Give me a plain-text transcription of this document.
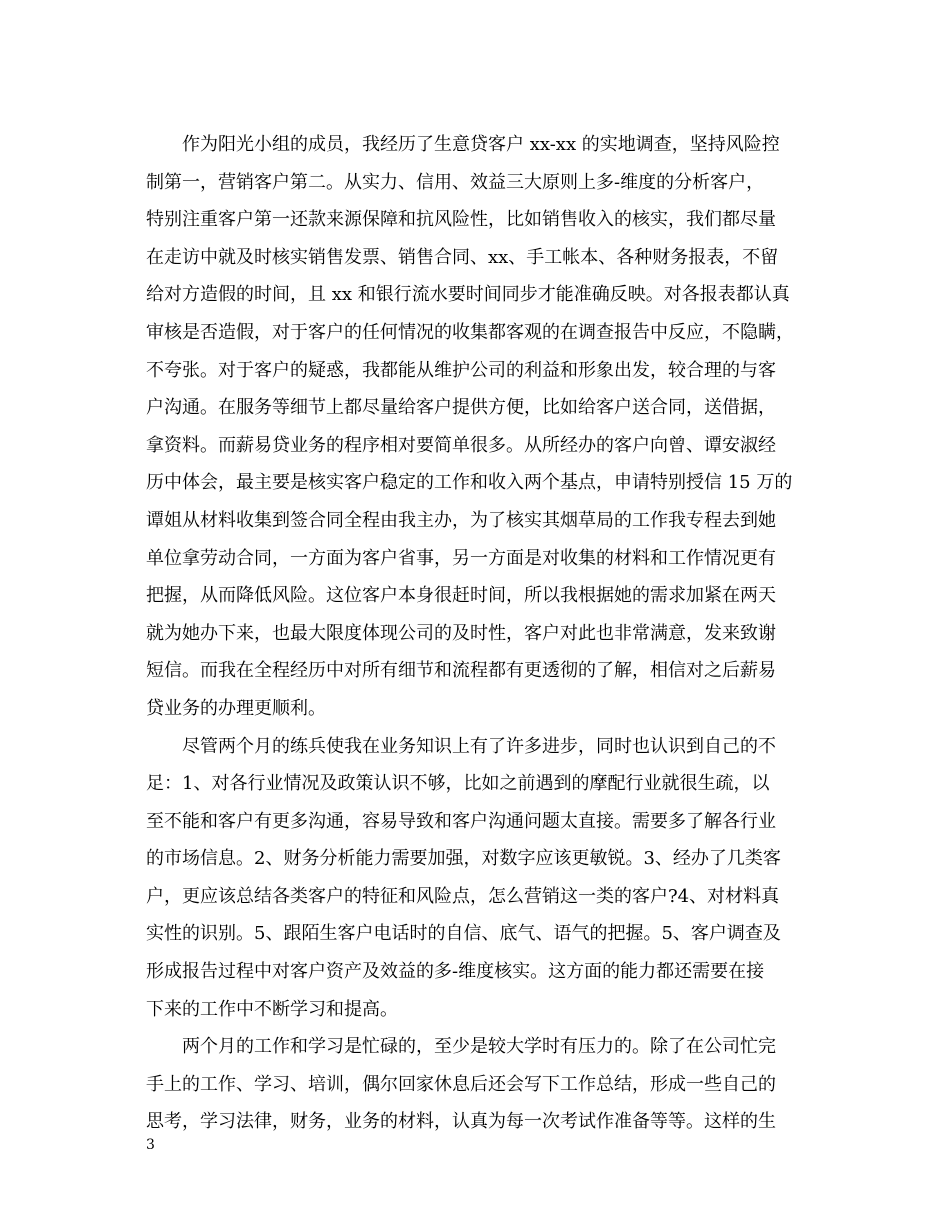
作为阳光小组的成员，我经历了生意贷客户 xx-xx 的实地调查，坚持风险控
制第一，营销客户第二。从实力、信用、效益三大原则上多-维度的分析客户，
特别注重客户第一还款来源保障和抗风险性，比如销售收入的核实，我们都尽量
在走访中就及时核实销售发票、销售合同、xx、手工帐本、各种财务报表，不留
给对方造假的时间，且 xx 和银行流水要时间同步才能准确反映。对各报表都认真
审核是否造假，对于客户的任何情况的收集都客观的在调查报告中反应，不隐瞒，
不夸张。对于客户的疑惑，我都能从维护公司的利益和形象出发，较合理的与客
户沟通。在服务等细节上都尽量给客户提供方便，比如给客户送合同，送借据，
拿资料。而薪易贷业务的程序相对要简单很多。从所经办的客户向曾、谭安淑经
历中体会，最主要是核实客户稳定的工作和收入两个基点，申请特别授信 15 万的
谭姐从材料收集到签合同全程由我主办，为了核实其烟草局的工作我专程去到她
单位拿劳动合同，一方面为客户省事，另一方面是对收集的材料和工作情况更有
把握，从而降低风险。这位客户本身很赶时间，所以我根据她的需求加紧在两天
就为她办下来，也最大限度体现公司的及时性，客户对此也非常满意，发来致谢
短信。而我在全程经历中对所有细节和流程都有更透彻的了解，相信对之后薪易
贷业务的办理更顺利。
尽管两个月的练兵使我在业务知识上有了许多进步，同时也认识到自己的不
足：1、对各行业情况及政策认识不够，比如之前遇到的摩配行业就很生疏，以
至不能和客户有更多沟通，容易导致和客户沟通问题太直接。需要多了解各行业
的市场信息。2、财务分析能力需要加强，对数字应该更敏锐。3、经办了几类客
户，更应该总结各类客户的特征和风险点，怎么营销这一类的客户?4、对材料真
实性的识别。5、跟陌生客户电话时的自信、底气、语气的把握。5、客户调查及
形成报告过程中对客户资产及效益的多-维度核实。这方面的能力都还需要在接
下来的工作中不断学习和提高。
两个月的工作和学习是忙碌的，至少是较大学时有压力的。除了在公司忙完
手上的工作、学习、培训，偶尔回家休息后还会写下工作总结，形成一些自己的
思考，学习法律，财务，业务的材料，认真为每一次考试作准备等等。这样的生
3
